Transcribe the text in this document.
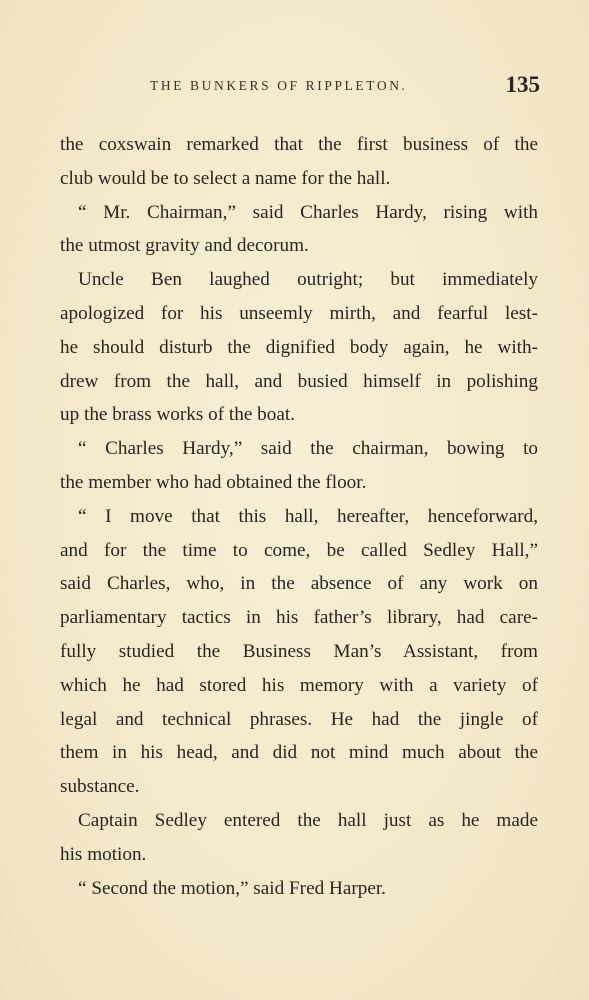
THE BUNKERS OF RIPPLETON.	135
the coxswain remarked that the first business of the
club would be to select a name for the hall.
“ Mr. Chairman,” said Charles Hardy, rising with
the utmost gravity and decorum.
Uncle Ben laughed outright; but immediately
apologized for his unseemly mirth, and fearful lest-
he should disturb the dignified body again, he with-
drew from the hall, and busied himself in polishing
up the brass works of the boat.
“ Charles Hardy,” said the chairman, bowing to
the member who had obtained the floor.
“ I move that this hall, hereafter, henceforward,
and for the time to come, be called Sedley Hall,”
said Charles, who, in the absence of any work on
parliamentary tactics in his father’s library, had care-
fully studied the Business Man’s Assistant, from
which he had stored his memory with a variety of
legal and technical phrases. He had the jingle of
them in his head, and did not mind much about the
substance.
Captain Sedley entered the hall just as he made
his motion.
“ Second the motion,” said Fred Harper.
